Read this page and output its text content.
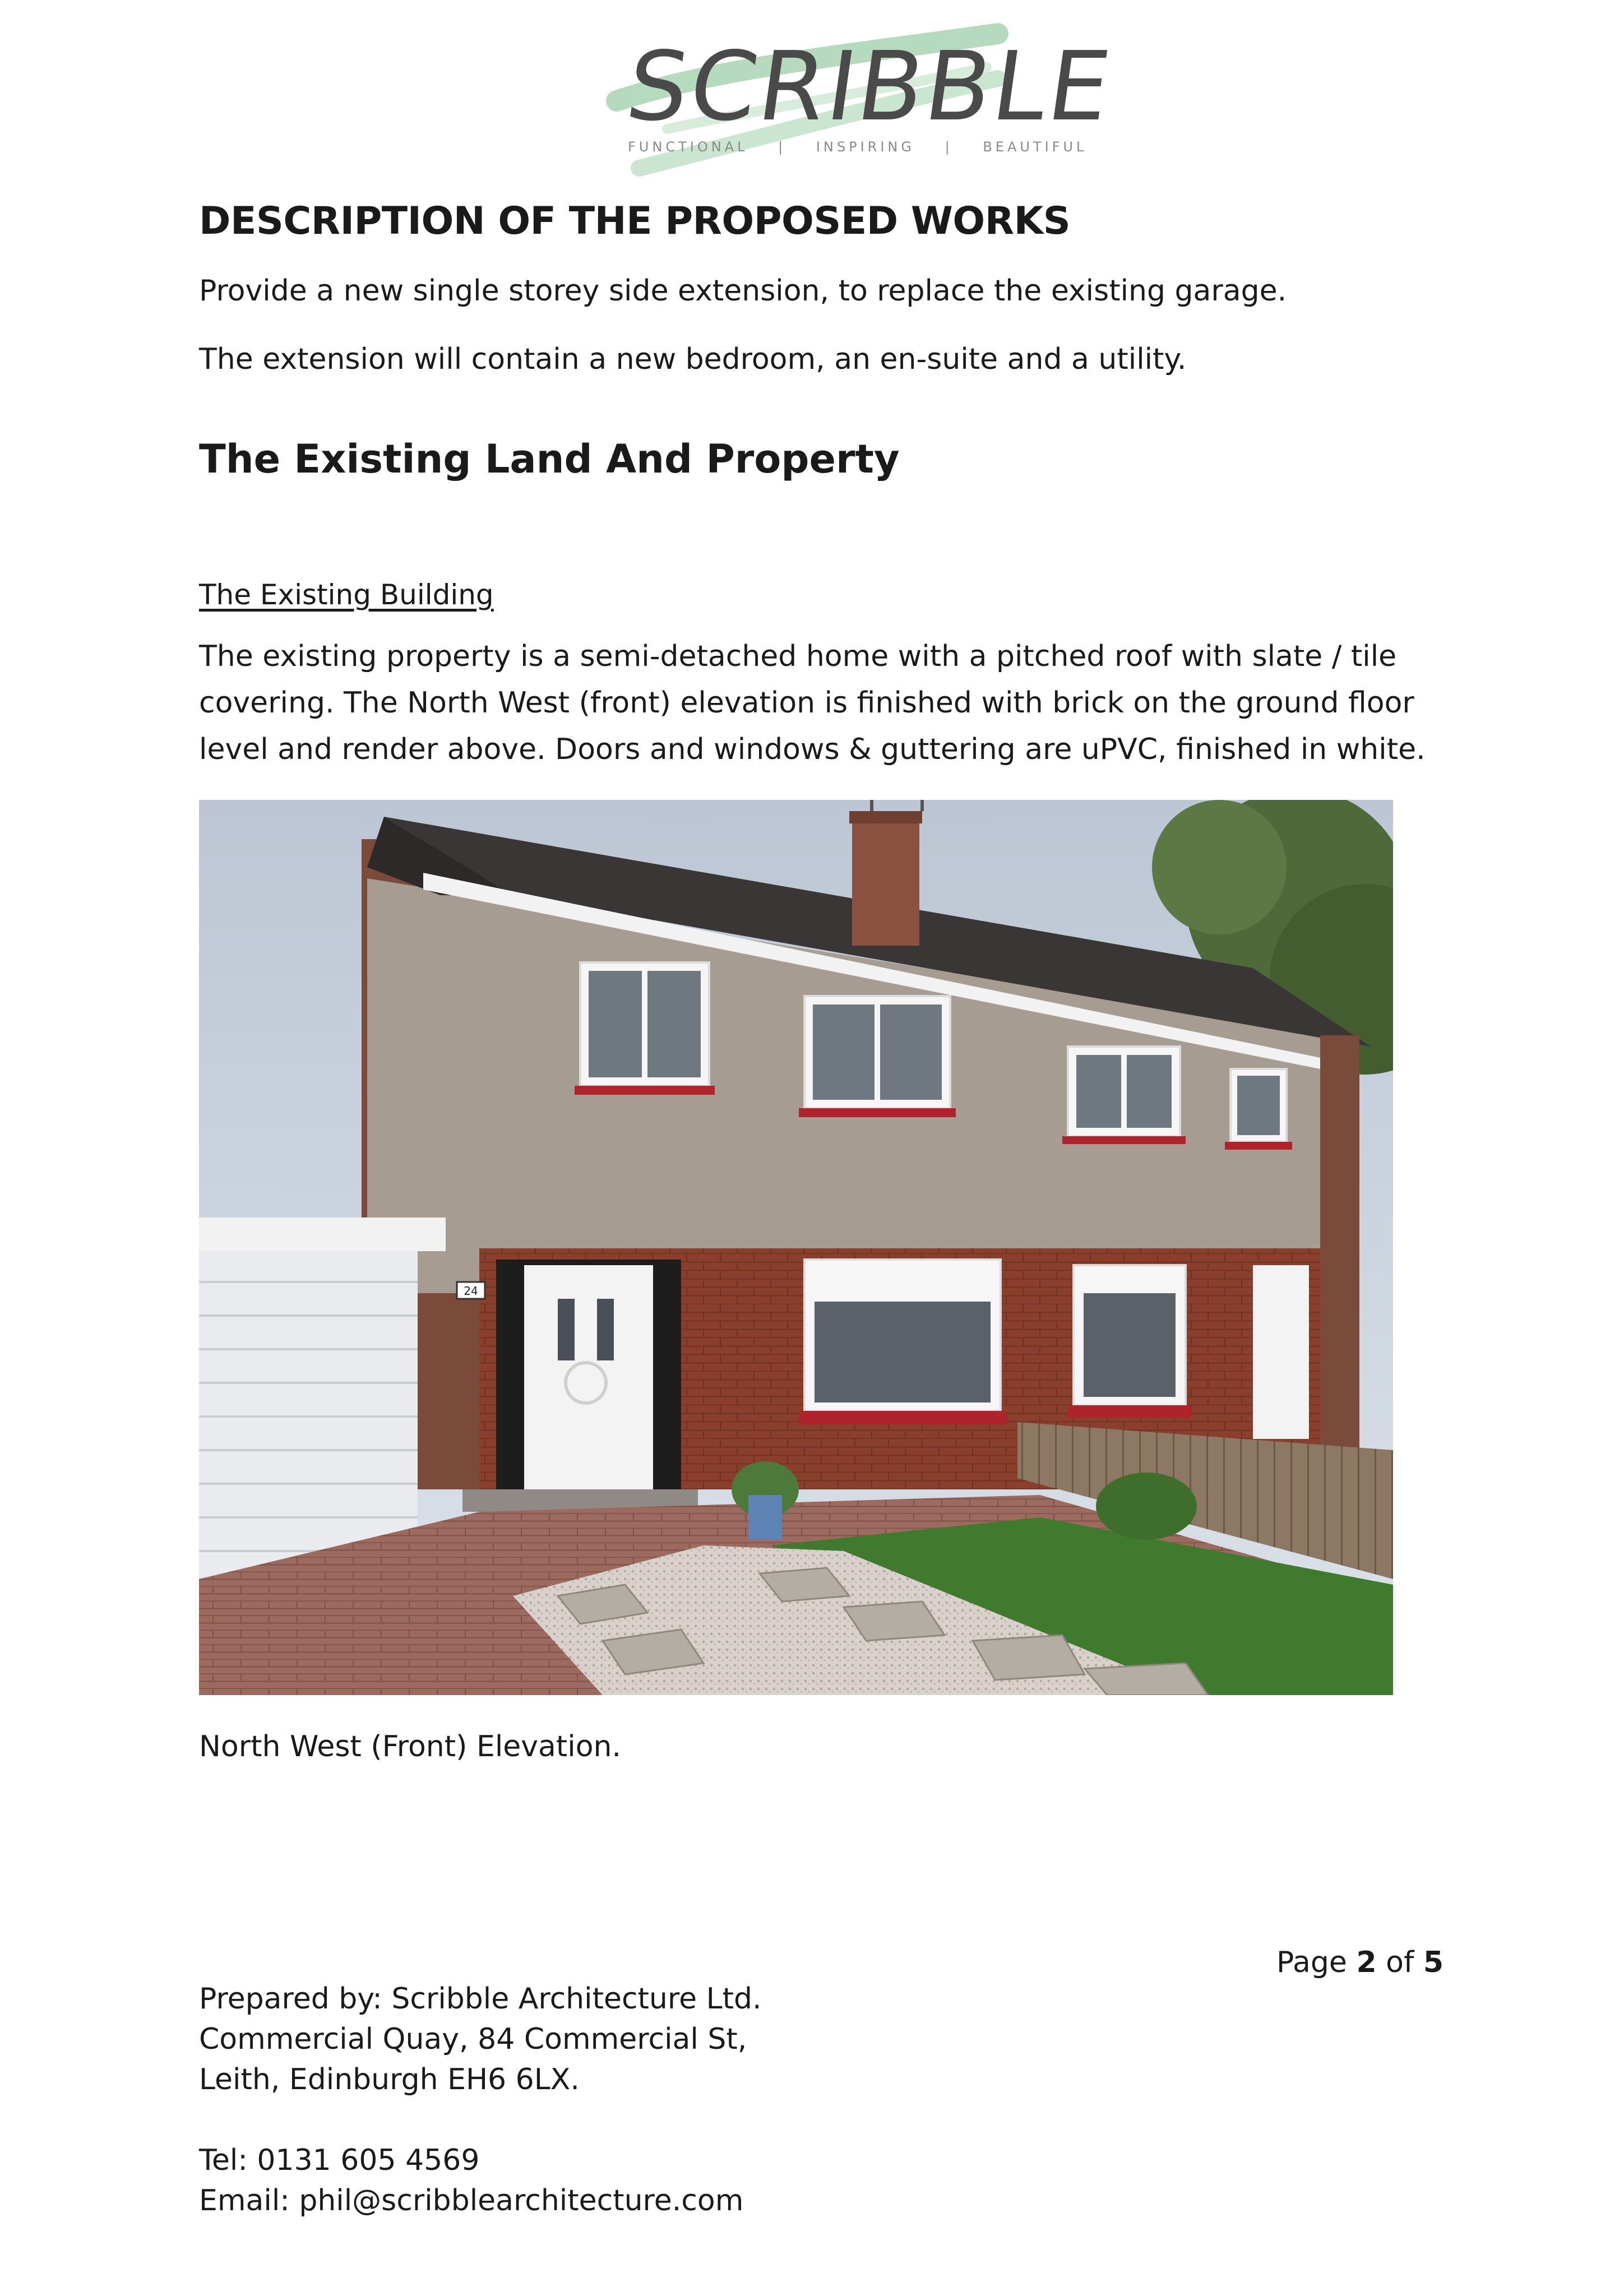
SCRIBBLE
FUNCTIONAL | INSPIRING | BEAUTIFUL
DESCRIPTION OF THE PROPOSED WORKS
Provide a new single storey side extension, to replace the existing garage.
The extension will contain a new bedroom, an en-suite and a utility.
The Existing Land And Property
The Existing Building
The existing property is a semi-detached home with a pitched roof with slate / tile covering. The North West (front) elevation is finished with brick on the ground floor level and render above. Doors and windows & guttering are uPVC, finished in white.
24
North West (Front) Elevation.
Page 2 of 5
Prepared by: Scribble Architecture Ltd.
Commercial Quay, 84 Commercial St,
Leith, Edinburgh EH6 6LX.
Tel: 0131 605 4569
Email: phil@scribblearchitecture.com
